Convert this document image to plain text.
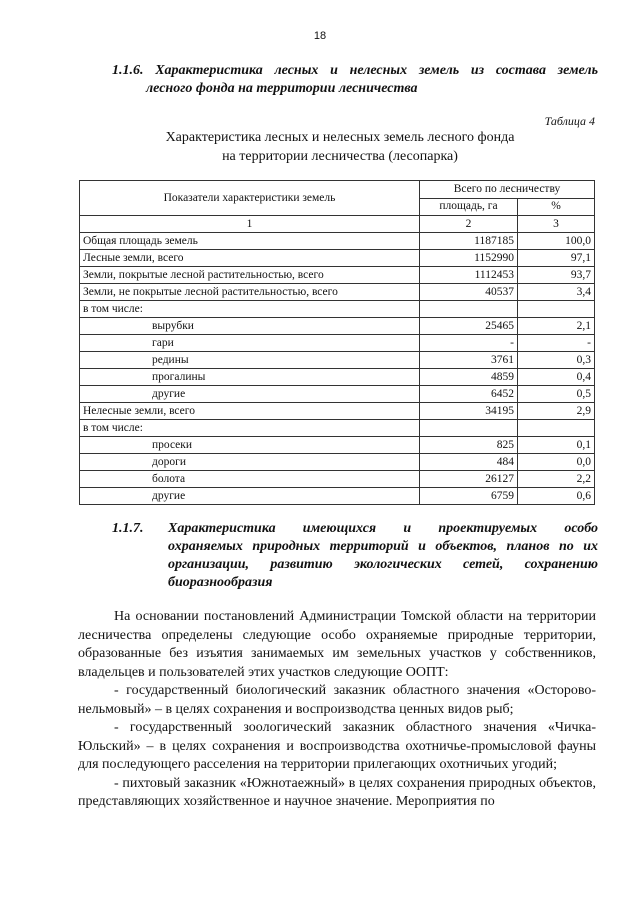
18
1.1.6. Характеристика лесных и нелесных земель из состава земель
лесного фонда на территории лесничества
Таблица 4
Характеристика лесных и нелесных земель лесного фонда
на территории лесничества (лесопарка)
Показатели характеристики земель	Всего по лесничеству	
	площадь, га	%
1	2	3
Общая площадь земель	1187185	100,0
Лесные земли, всего	1152990	97,1
Земли, покрытые лесной растительностью, всего	1112453	93,7
Земли, не покрытые лесной растительностью, всего	40537	3,4
в том числе:		
вырубки	25465	2,1
гари	-	-
редины	3761	0,3
прогалины	4859	0,4
другие	6452	0,5
Нелесные земли, всего	34195	2,9
в том числе:		
просеки	825	0,1
дороги	484	0,0
болота	26127	2,2
другие	6759	0,6
1.1.7.	Характеристика имеющихся и проектируемых особо
охраняемых природных территорий и объектов, планов по их
организации, развитию экологических сетей, сохранению
биоразнообразия

На основании постановлений Администрации Томской области на территории лесничества определены следующие особо охраняемые природные территории, образованные без изъятия занимаемых им земельных участков у собственников, владельцев и пользователей этих участков следующие ООПТ:

- государственный биологический заказник областного значения «Осторово-нельмовый» – в целях сохранения и воспроизводства ценных видов рыб;

- государственный зоологический заказник областного значения «Чичка-Юльский» – в целях сохранения и воспроизводства охотничье-промысловой фауны для последующего расселения на территории прилегающих охотничьих угодий;

- пихтовый заказник «Южнотаежный» в целях сохранения природных объектов, представляющих хозяйственное и научное значение. Мероприятия по
